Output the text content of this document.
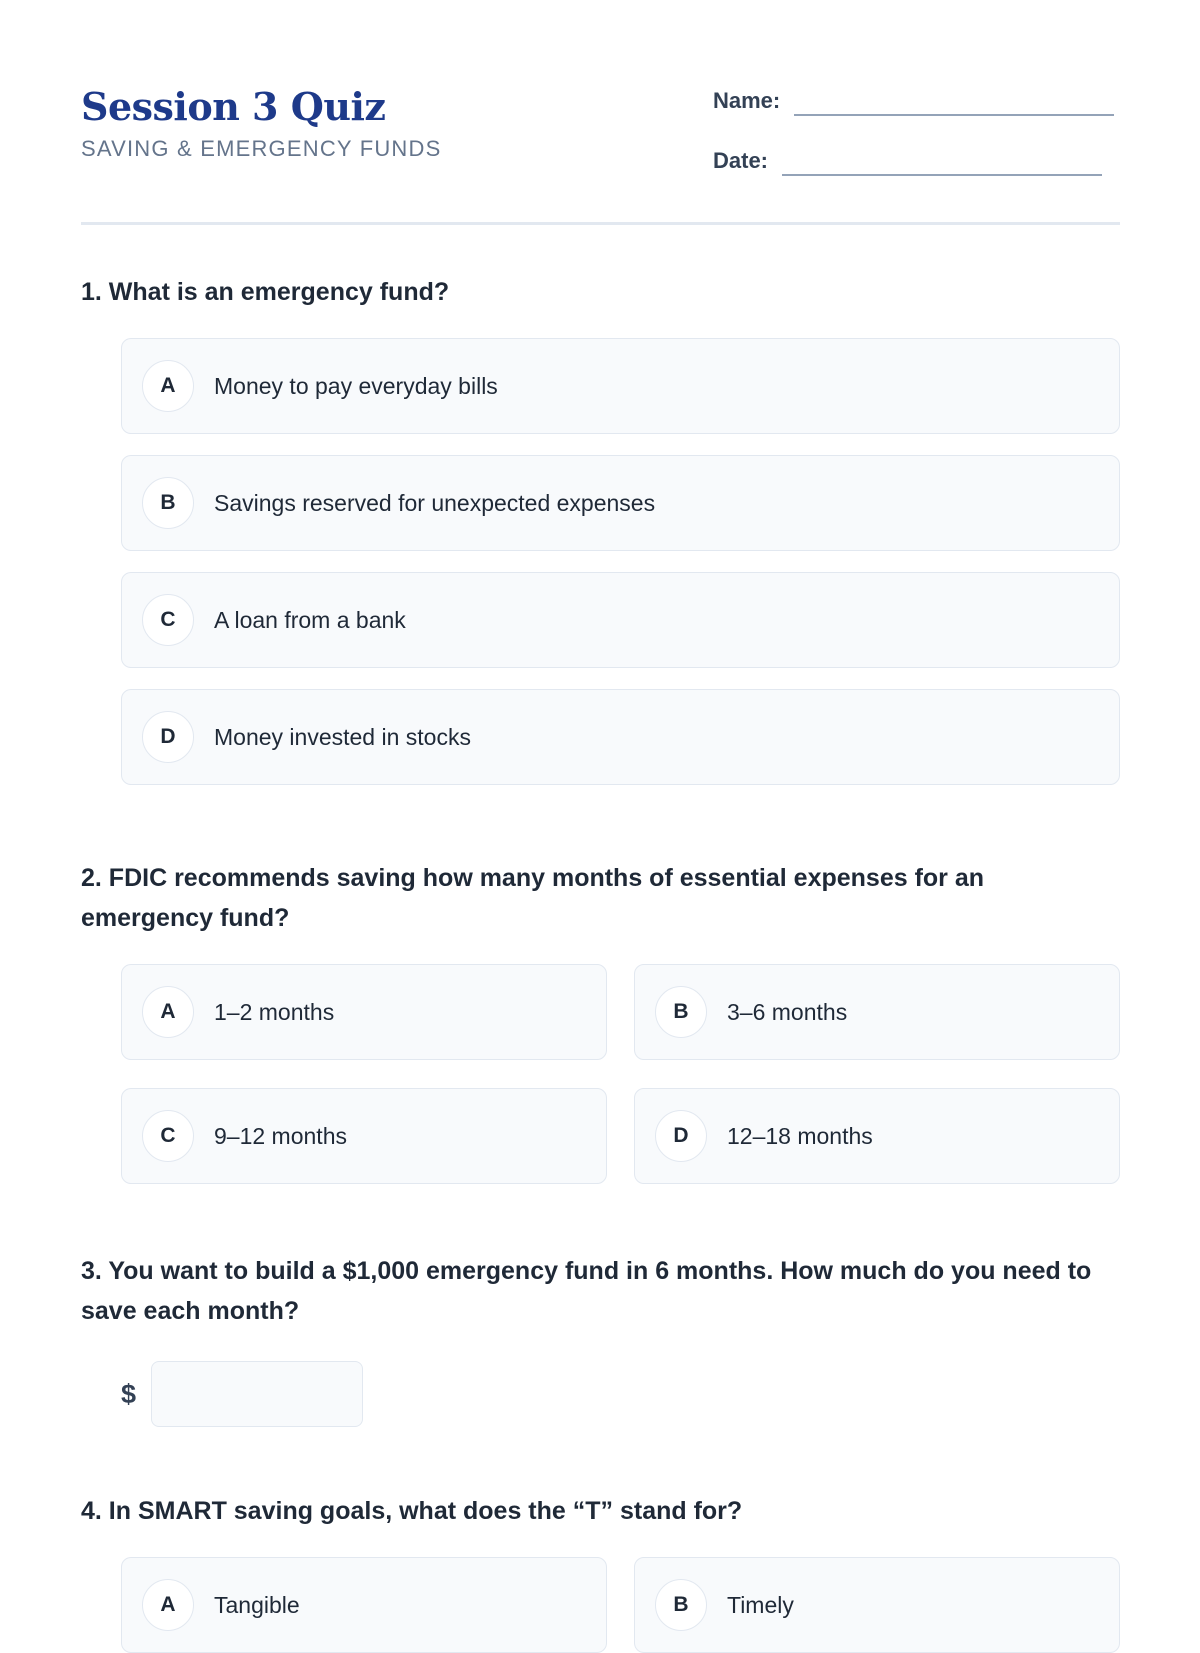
Session 3 Quiz
SAVING & EMERGENCY FUNDS
Name:
Date:

1. What is an emergency fund?

A	Money to pay everyday bills
B	Savings reserved for unexpected expenses
C	A loan from a bank
D	Money invested in stocks

2. FDIC recommends saving how many months of essential expenses for an emergency fund?

A	1–2 months	B	3–6 months
C	9–12 months	D	12–18 months

3. You want to build a $1,000 emergency fund in 6 months. How much do you need to save each month?

$

4. In SMART saving goals, what does the “T” stand for?

A	Tangible	B	Timely
